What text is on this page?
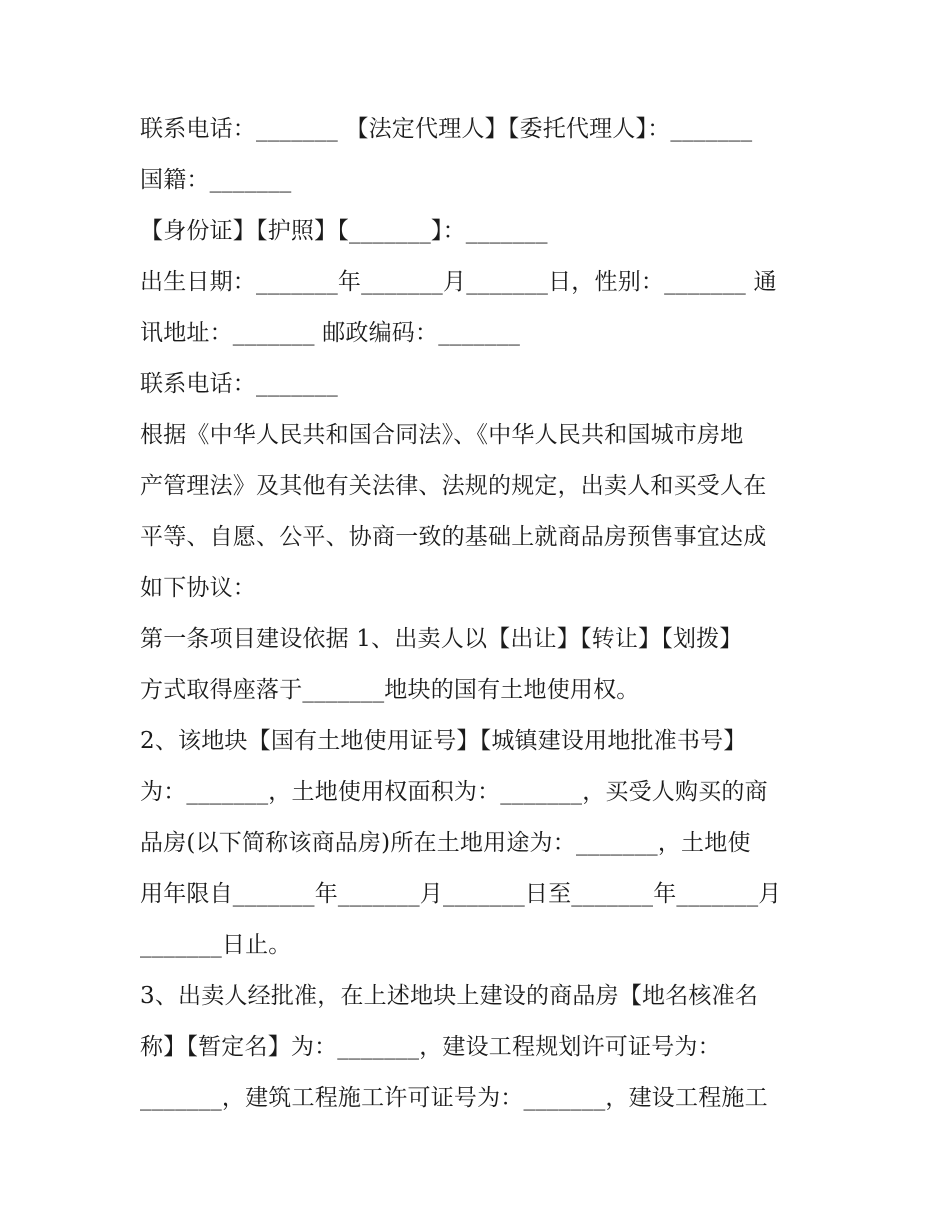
联系电话：_______ 【法定代理人】【委托代理人】：_______
国籍：_______
【身份证】【护照】【_______】：_______
出生日期：_______年_______月_______日，性别：_______ 通
讯地址：_______ 邮政编码：_______
联系电话：_______
根据《中华人民共和国合同法》、《中华人民共和国城市房地
产管理法》及其他有关法律、法规的规定，出卖人和买受人在
平等、自愿、公平、协商一致的基础上就商品房预售事宜达成
如下协议：
第一条项目建设依据 1、出卖人以【出让】【转让】【划拨】
方式取得座落于_______地块的国有土地使用权。
2、该地块【国有土地使用证号】【城镇建设用地批准书号】
为：_______，土地使用权面积为：_______，买受人购买的商
品房(以下简称该商品房)所在土地用途为：_______，土地使
用年限自_______年_______月_______日至_______年_______月
_______日止。
3、出卖人经批准，在上述地块上建设的商品房【地名核准名
称】【暂定名】为：_______，建设工程规划许可证号为：
_______，建筑工程施工许可证号为：_______，建设工程施工
